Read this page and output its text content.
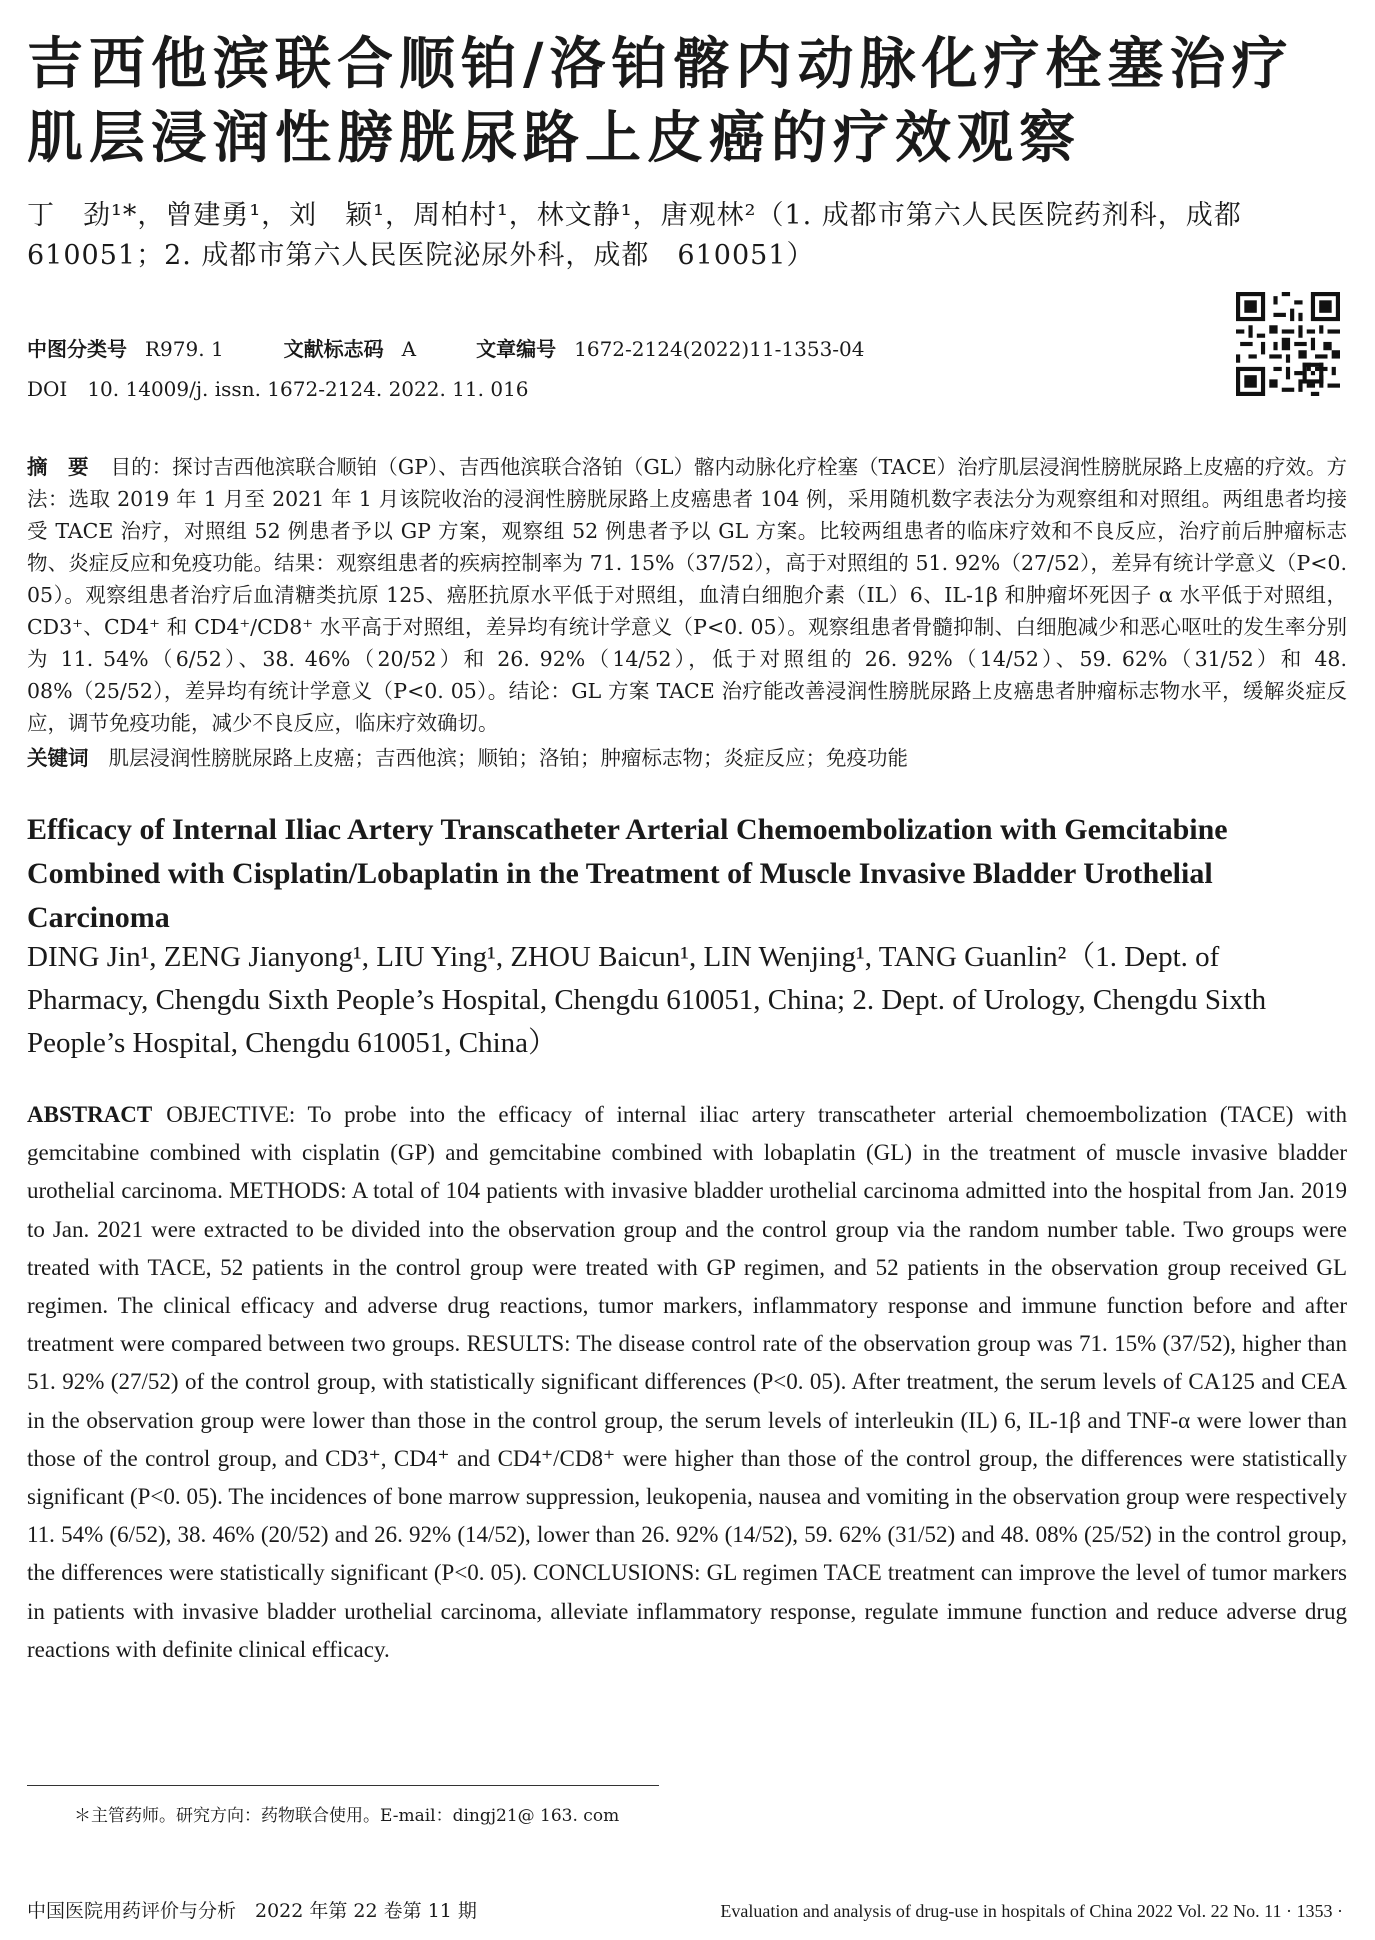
吉西他滨联合顺铂/洛铂髂内动脉化疗栓塞治疗肌层浸润性膀胱尿路上皮癌的疗效观察

丁　劲¹*，曾建勇¹，刘　颖¹，周柏村¹，林文静¹，唐观林²（1. 成都市第六人民医院药剂科，成都　610051；2. 成都市第六人民医院泌尿外科，成都　610051）

中图分类号 R979. 1	文献标志码 A	文章编号 1672-2124(2022)11-1353-04
DOI　10. 14009/j. issn. 1672-2124. 2022. 11. 016

摘　要 目的：探讨吉西他滨联合顺铂（GP）、吉西他滨联合洛铂（GL）髂内动脉化疗栓塞（TACE）治疗肌层浸润性膀胱尿路上皮癌的疗效。方法：选取 2019 年 1 月至 2021 年 1 月该院收治的浸润性膀胱尿路上皮癌患者 104 例，采用随机数字表法分为观察组和对照组。两组患者均接受 TACE 治疗，对照组 52 例患者予以 GP 方案，观察组 52 例患者予以 GL 方案。比较两组患者的临床疗效和不良反应，治疗前后肿瘤标志物、炎症反应和免疫功能。结果：观察组患者的疾病控制率为 71. 15%（37/52），高于对照组的 51. 92%（27/52），差异有统计学意义（P<0. 05）。观察组患者治疗后血清糖类抗原 125、癌胚抗原水平低于对照组，血清白细胞介素（IL）6、IL-1β 和肿瘤坏死因子 α 水平低于对照组，CD3⁺、CD4⁺ 和 CD4⁺/CD8⁺ 水平高于对照组，差异均有统计学意义（P<0. 05）。观察组患者骨髓抑制、白细胞减少和恶心呕吐的发生率分别为 11. 54%（6/52）、38. 46%（20/52）和 26. 92%（14/52），低于对照组的 26. 92%（14/52）、59. 62%（31/52）和 48. 08%（25/52），差异均有统计学意义（P<0. 05）。结论：GL 方案 TACE 治疗能改善浸润性膀胱尿路上皮癌患者肿瘤标志物水平，缓解炎症反应，调节免疫功能，减少不良反应，临床疗效确切。

关键词 肌层浸润性膀胱尿路上皮癌；吉西他滨；顺铂；洛铂；肿瘤标志物；炎症反应；免疫功能

Efficacy of Internal Iliac Artery Transcatheter Arterial Chemoembolization with Gemcitabine Combined with Cisplatin/Lobaplatin in the Treatment of Muscle Invasive Bladder Urothelial Carcinoma

DING Jin¹, ZENG Jianyong¹, LIU Ying¹, ZHOU Baicun¹, LIN Wenjing¹, TANG Guanlin²（1. Dept. of Pharmacy, Chengdu Sixth People’s Hospital, Chengdu 610051, China; 2. Dept. of Urology, Chengdu Sixth People’s Hospital, Chengdu 610051, China）

ABSTRACT OBJECTIVE: To probe into the efficacy of internal iliac artery transcatheter arterial chemoembolization (TACE) with gemcitabine combined with cisplatin (GP) and gemcitabine combined with lobaplatin (GL) in the treatment of muscle invasive bladder urothelial carcinoma. METHODS: A total of 104 patients with invasive bladder urothelial carcinoma admitted into the hospital from Jan. 2019 to Jan. 2021 were extracted to be divided into the observation group and the control group via the random number table. Two groups were treated with TACE, 52 patients in the control group were treated with GP regimen, and 52 patients in the observation group received GL regimen. The clinical efficacy and adverse drug reactions, tumor markers, inflammatory response and immune function before and after treatment were compared between two groups. RESULTS: The disease control rate of the observation group was 71. 15% (37/52), higher than 51. 92% (27/52) of the control group, with statistically significant differences (P<0. 05). After treatment, the serum levels of CA125 and CEA in the observation group were lower than those in the control group, the serum levels of interleukin (IL) 6, IL-1β and TNF-α were lower than those of the control group, and CD3⁺, CD4⁺ and CD4⁺/CD8⁺ were higher than those of the control group, the differences were statistically significant (P<0. 05). The incidences of bone marrow suppression, leukopenia, nausea and vomiting in the observation group were respectively 11. 54% (6/52), 38. 46% (20/52) and 26. 92% (14/52), lower than 26. 92% (14/52), 59. 62% (31/52) and 48. 08% (25/52) in the control group, the differences were statistically significant (P<0. 05). CONCLUSIONS: GL regimen TACE treatment can improve the level of tumor markers in patients with invasive bladder urothelial carcinoma, alleviate inflammatory response, regulate immune function and reduce adverse drug reactions with definite clinical efficacy.

＊主管药师。研究方向：药物联合使用。E-mail：dingj21@ 163. com
中国医院用药评价与分析　2022 年第 22 卷第 11 期	Evaluation and analysis of drug-use in hospitals of China 2022 Vol. 22 No. 11 · 1353 ·
